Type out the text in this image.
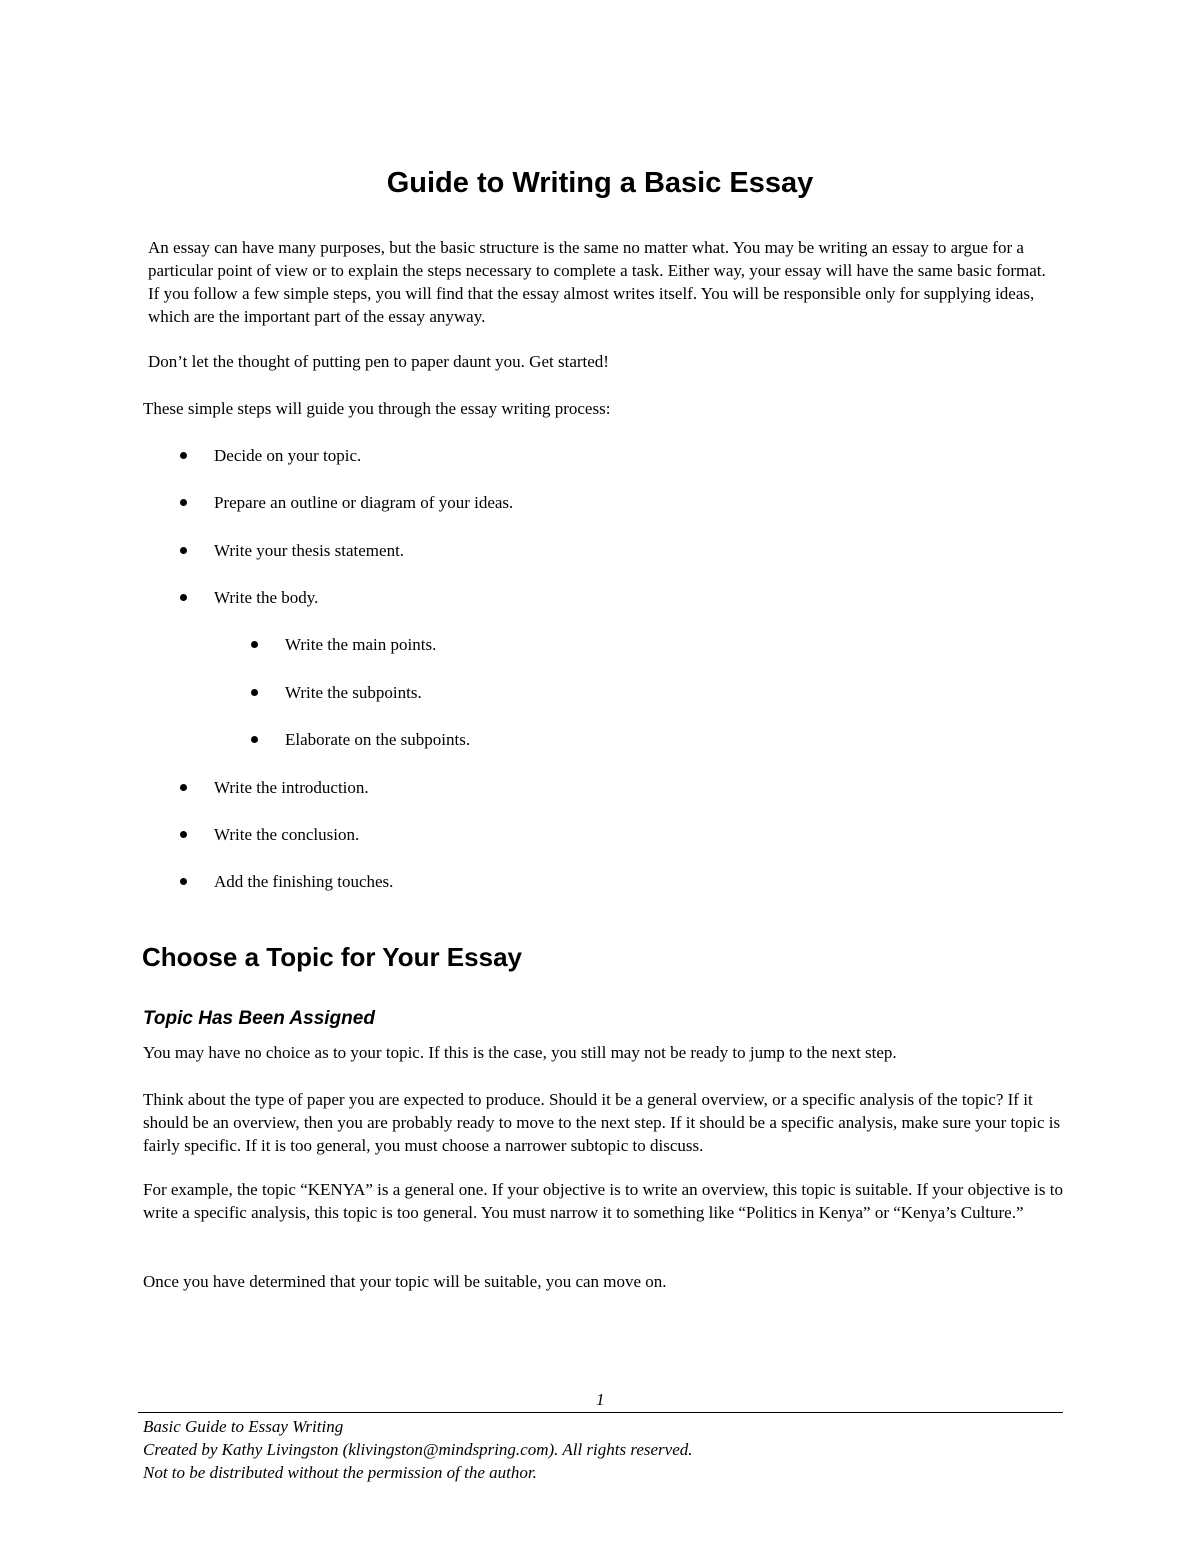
Guide to Writing a Basic Essay

An essay can have many purposes, but the basic structure is the same no matter what. You may be writing an essay to argue for a particular point of view or to explain the steps necessary to complete a task. Either way, your essay will have the same basic format. If you follow a few simple steps, you will find that the essay almost writes itself. You will be responsible only for supplying ideas, which are the important part of the essay anyway.

Don’t let the thought of putting pen to paper daunt you. Get started!

These simple steps will guide you through the essay writing process:

Decide on your topic.
Prepare an outline or diagram of your ideas.
Write your thesis statement.
Write the body.
Write the main points.
Write the subpoints.
Elaborate on the subpoints.
Write the introduction.
Write the conclusion.
Add the finishing touches.
Choose a Topic for Your Essay
Topic Has Been Assigned

You may have no choice as to your topic. If this is the case, you still may not be ready to jump to the next step.

Think about the type of paper you are expected to produce. Should it be a general overview, or a specific analysis of the topic? If it should be an overview, then you are probably ready to move to the next step. If it should be a specific analysis, make sure your topic is fairly specific. If it is too general, you must choose a narrower subtopic to discuss.

For example, the topic “KENYA” is a general one. If your objective is to write an overview, this topic is suitable. If your objective is to write a specific analysis, this topic is too general. You must narrow it to something like “Politics in Kenya” or “Kenya’s Culture.”

Once you have determined that your topic will be suitable, you can move on.

1

Basic Guide to Essay Writing
Created by Kathy Livingston (klivingston@mindspring.com). All rights reserved.
Not to be distributed without the permission of the author.
